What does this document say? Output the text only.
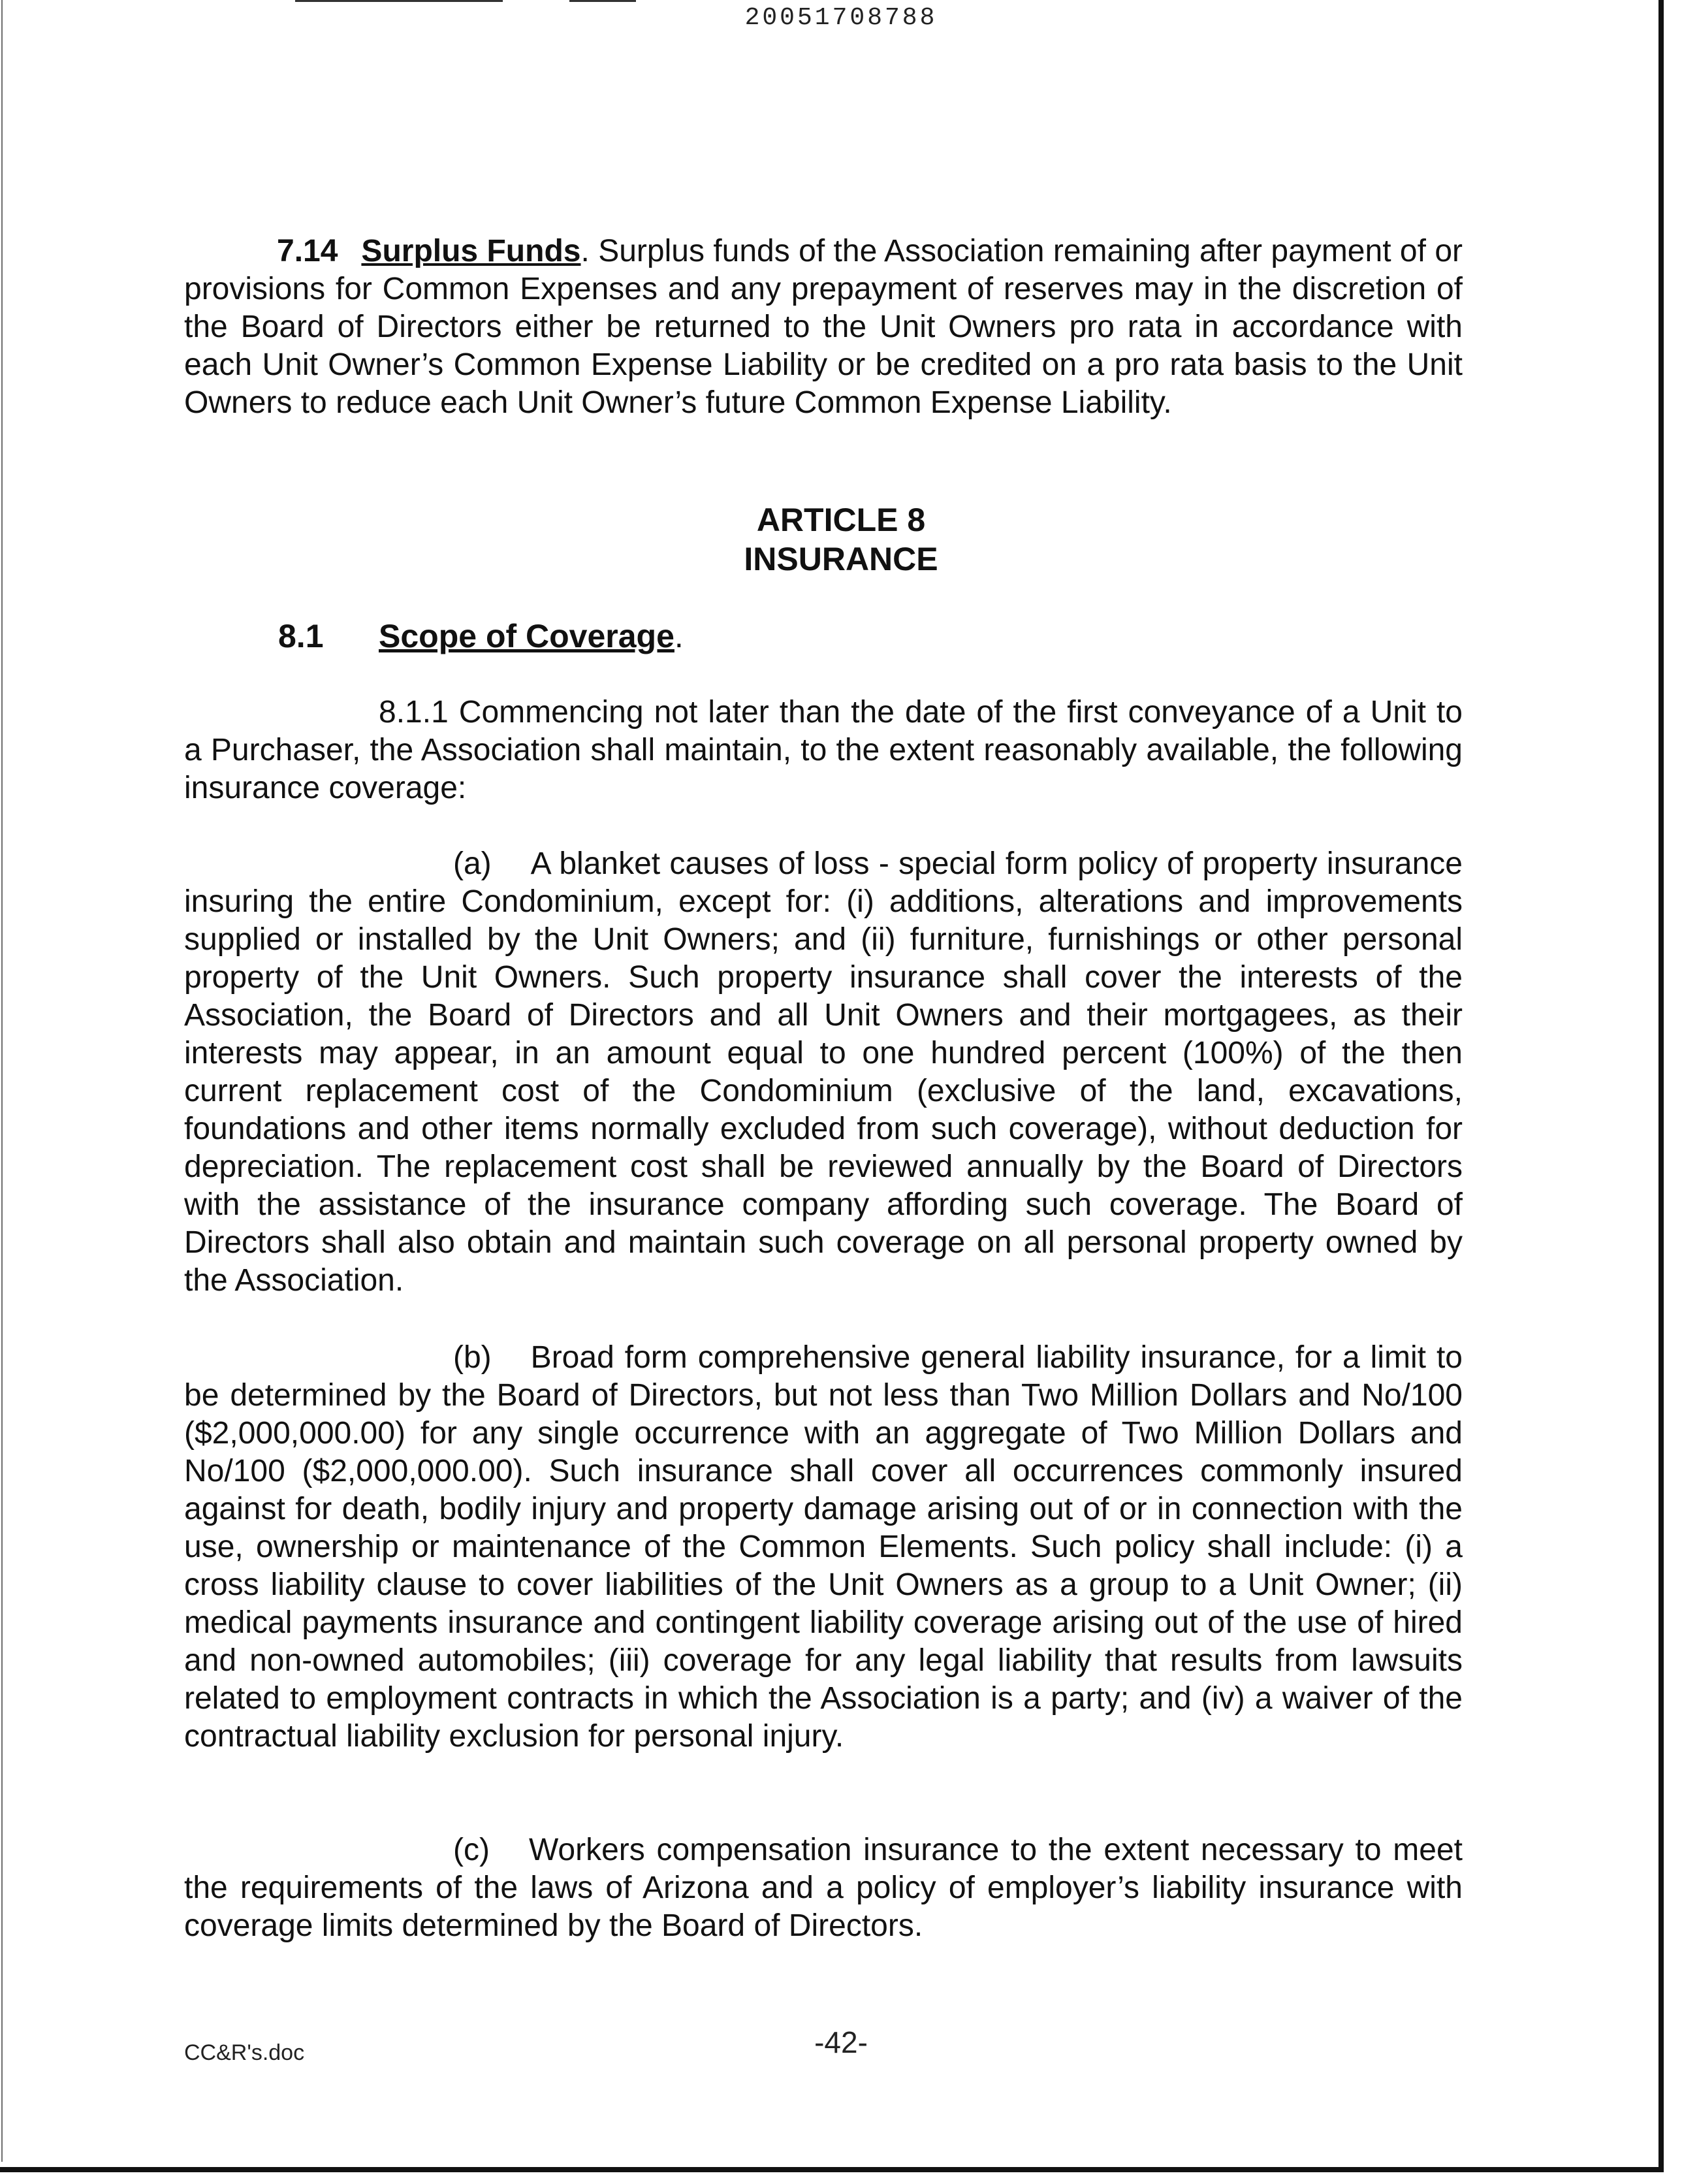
20051708788
7.14 Surplus Funds. Surplus funds of the Association remaining after payment of or provisions for Common Expenses and any prepayment of reserves may in the discretion of the Board of Directors either be returned to the Unit Owners pro rata in accordance with each Unit Owner’s Common Expense Liability or be credited on a pro rata basis to the Unit Owners to reduce each Unit Owner’s future Common Expense Liability.
ARTICLE 8
INSURANCE
8.1 Scope of Coverage.
8.1.1 Commencing not later than the date of the first conveyance of a Unit to a Purchaser, the Association shall maintain, to the extent reasonably available, the following insurance coverage:
(a) A blanket causes of loss - special form policy of property insurance insuring the entire Condominium, except for: (i) additions, alterations and improvements supplied or installed by the Unit Owners; and (ii) furniture, furnishings or other personal property of the Unit Owners. Such property insurance shall cover the interests of the Association, the Board of Directors and all Unit Owners and their mortgagees, as their interests may appear, in an amount equal to one hundred percent (100%) of the then current replacement cost of the Condominium (exclusive of the land, excavations, foundations and other items normally excluded from such coverage), without deduction for depreciation. The replacement cost shall be reviewed annually by the Board of Directors with the assistance of the insurance company affording such coverage. The Board of Directors shall also obtain and maintain such coverage on all personal property owned by the Association.
(b) Broad form comprehensive general liability insurance, for a limit to be determined by the Board of Directors, but not less than Two Million Dollars and No/100 ($2,000,000.00) for any single occurrence with an aggregate of Two Million Dollars and No/100 ($2,000,000.00). Such insurance shall cover all occurrences commonly insured against for death, bodily injury and property damage arising out of or in connection with the use, ownership or maintenance of the Common Elements. Such policy shall include: (i) a cross liability clause to cover liabilities of the Unit Owners as a group to a Unit Owner; (ii) medical payments insurance and contingent liability coverage arising out of the use of hired and non-owned automobiles; (iii) coverage for any legal liability that results from lawsuits related to employment contracts in which the Association is a party; and (iv) a waiver of the contractual liability exclusion for personal injury.
(c) Workers compensation insurance to the extent necessary to meet the requirements of the laws of Arizona and a policy of employer’s liability insurance with coverage limits determined by the Board of Directors.
-42-
CC&R's.doc
